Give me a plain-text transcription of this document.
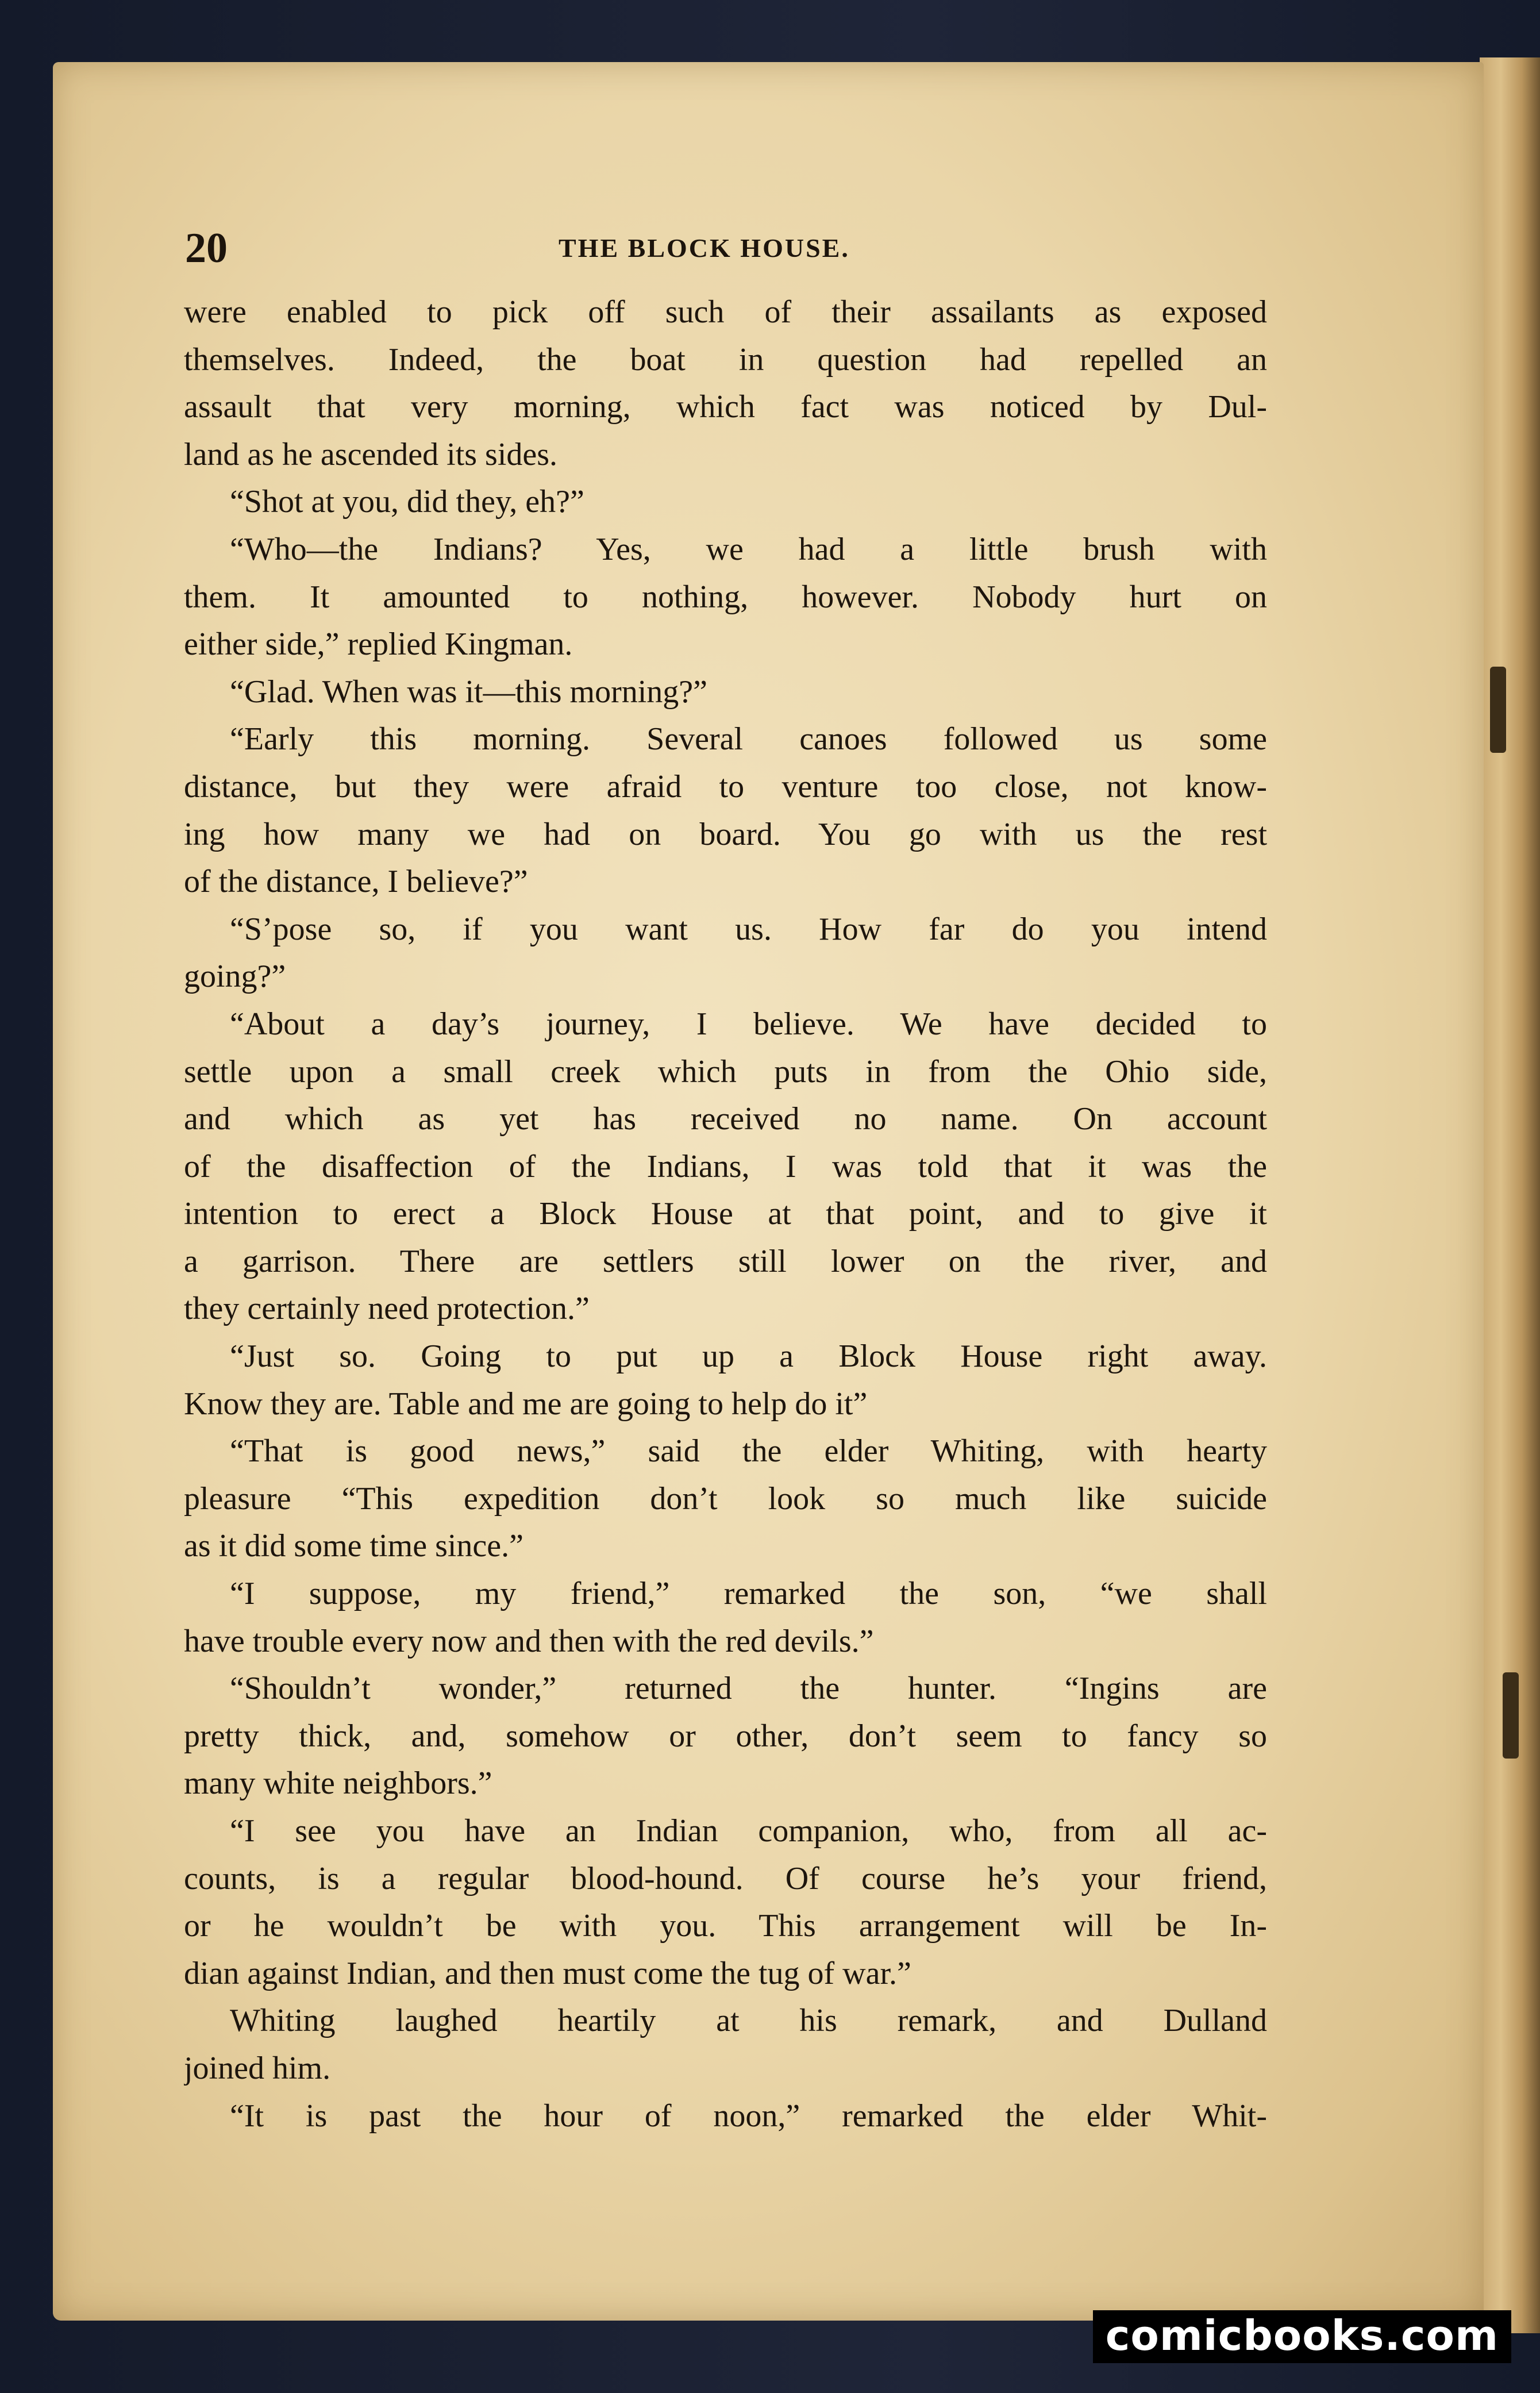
20	THE BLOCK HOUSE.
were enabled to pick off such of their assailants as exposed
themselves. Indeed, the boat in question had repelled an
assault that very morning, which fact was noticed by Dul-
land as he ascended its sides.
“Shot at you, did they, eh?”
“Who—the Indians? Yes, we had a little brush with
them. It amounted to nothing, however. Nobody hurt on
either side,” replied Kingman.
“Glad. When was it—this morning?”
“Early this morning. Several canoes followed us some
distance, but they were afraid to venture too close, not know-
ing how many we had on board. You go with us the rest
of the distance, I believe?”
“S’pose so, if you want us. How far do you intend
going?”
“About a day’s journey, I believe. We have decided to
settle upon a small creek which puts in from the Ohio side,
and which as yet has received no name. On account
of the disaffection of the Indians, I was told that it was the
intention to erect a Block House at that point, and to give it
a garrison. There are settlers still lower on the river, and
they certainly need protection.”
“Just so. Going to put up a Block House right away.
Know they are. Table and me are going to help do it”
“That is good news,” said the elder Whiting, with hearty
pleasure “This expedition don’t look so much like suicide
as it did some time since.”
“I suppose, my friend,” remarked the son, “we shall
have trouble every now and then with the red devils.”
“Shouldn’t wonder,” returned the hunter. “Ingins are
pretty thick, and, somehow or other, don’t seem to fancy so
many white neighbors.”
“I see you have an Indian companion, who, from all ac-
counts, is a regular blood-hound. Of course he’s your friend,
or he wouldn’t be with you. This arrangement will be In-
dian against Indian, and then must come the tug of war.”
Whiting laughed heartily at his remark, and Dulland
joined him.
“It is past the hour of noon,” remarked the elder Whit-
comicbooks.com
